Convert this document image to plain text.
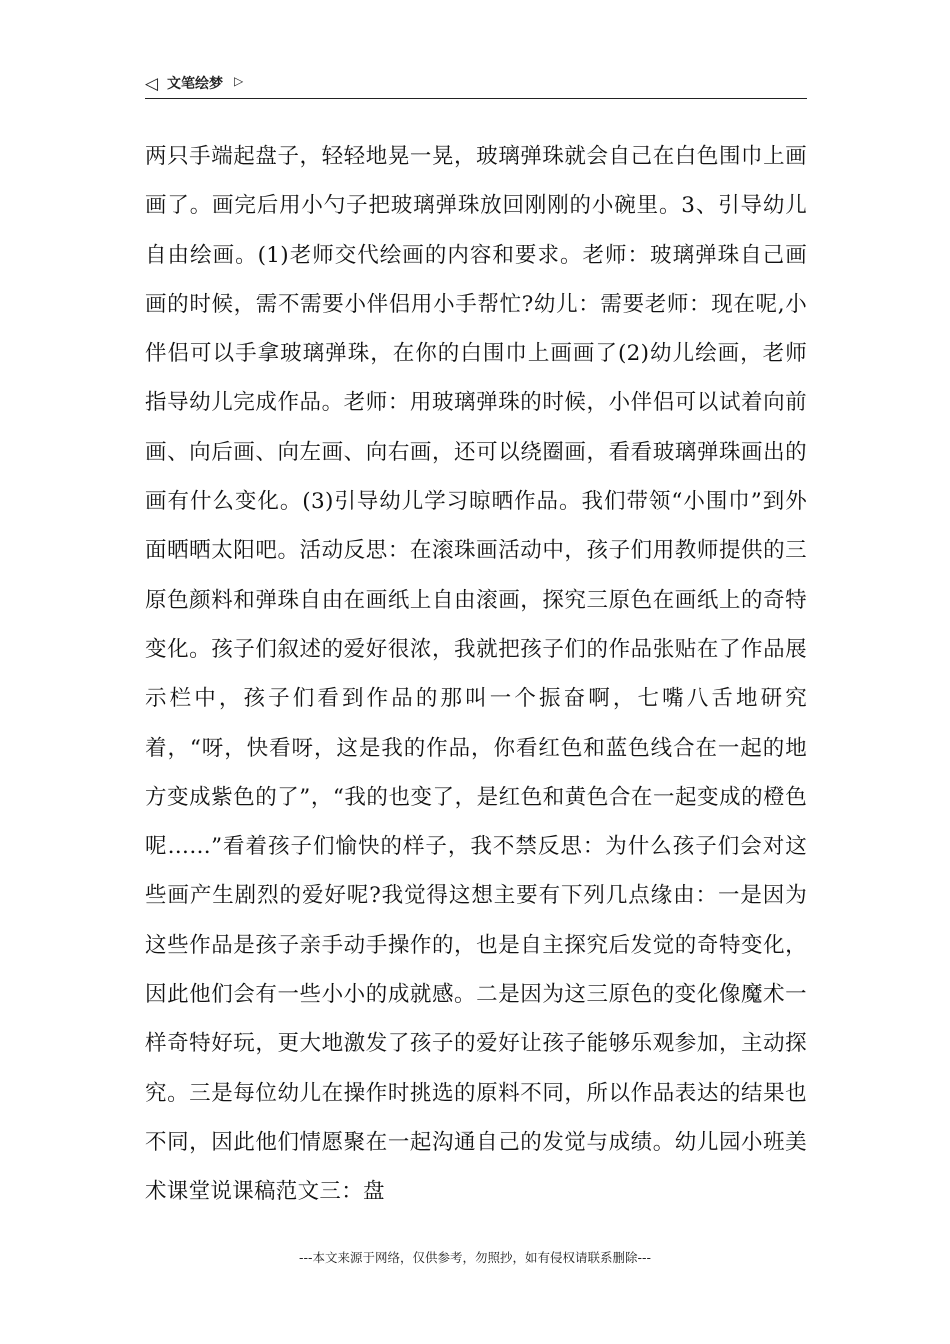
◁ 文笔绘梦 ▷

两只手端起盘子，轻轻地晃一晃，玻璃弹珠就会自己在白色围巾上画画了。画完后用小勺子把玻璃弹珠放回刚刚的小碗里。3、引导幼儿自由绘画。(1)老师交代绘画的内容和要求。老师：玻璃弹珠自己画画的时候，需不需要小伴侣用小手帮忙?幼儿：需要老师：现在呢,小伴侣可以手拿玻璃弹珠，在你的白围巾上画画了(2)幼儿绘画，老师指导幼儿完成作品。老师：用玻璃弹珠的时候，小伴侣可以试着向前画、向后画、向左画、向右画，还可以绕圈画，看看玻璃弹珠画出的画有什么变化。(3)引导幼儿学习晾晒作品。我们带领“小围巾”到外面晒晒太阳吧。活动反思：在滚珠画活动中，孩子们用教师提供的三原色颜料和弹珠自由在画纸上自由滚画，探究三原色在画纸上的奇特变化。孩子们叙述的爱好很浓，我就把孩子们的作品张贴在了作品展示栏中，孩子们看到作品的那叫一个振奋啊，七嘴八舌地研究着，“呀，快看呀，这是我的作品，你看红色和蓝色线合在一起的地方变成紫色的了”，“我的也变了，是红色和黄色合在一起变成的橙色呢……”看着孩子们愉快的样子，我不禁反思：为什么孩子们会对这些画产生剧烈的爱好呢?我觉得这想主要有下列几点缘由：一是因为这些作品是孩子亲手动手操作的，也是自主探究后发觉的奇特变化，因此他们会有一些小小的成就感。二是因为这三原色的变化像魔术一样奇特好玩，更大地激发了孩子的爱好让孩子能够乐观参加，主动探究。三是每位幼儿在操作时挑选的原料不同，所以作品表达的结果也不同，因此他们情愿聚在一起沟通自己的发觉与成绩。幼儿园小班美术课堂说课稿范文三：盘

---本文来源于网络，仅供参考，勿照抄，如有侵权请联系删除---
